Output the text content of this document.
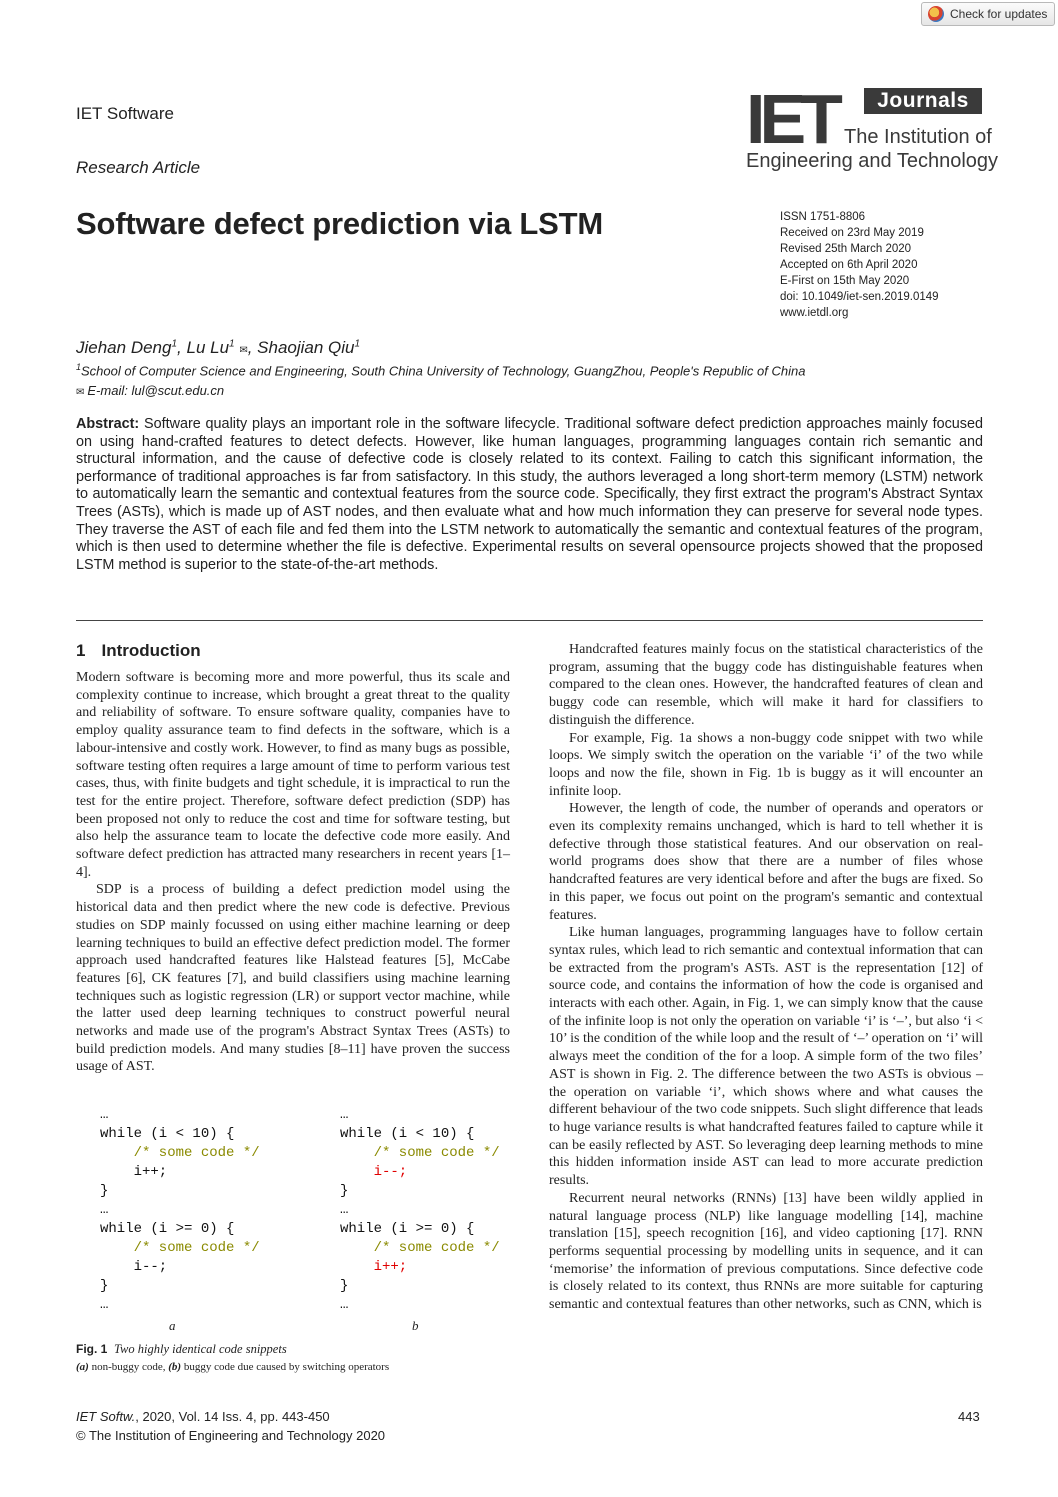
Check for updates
IET Software
Research Article
Software defect prediction via LSTM
IET	Journals
The Institution of
Engineering and Technology
ISSN 1751-8806
Received on 23rd May 2019
Revised 25th March 2020
Accepted on 6th April 2020
E-First on 15th May 2020
doi: 10.1049/iet-sen.2019.0149
www.ietdl.org
Jiehan Deng$^1$, Lu Lu$^1$ ✉, Shaojian Qiu$^1$
$^1$School of Computer Science and Engineering, South China University of Technology, GuangZhou, People's Republic of China
✉ E-mail: lul@scut.edu.cn
Abstract: Software quality plays an important role in the software lifecycle. Traditional software defect prediction approaches mainly focused on using hand-crafted features to detect defects. However, like human languages, programming languages contain rich semantic and structural information, and the cause of defective code is closely related to its context. Failing to catch this significant information, the performance of traditional approaches is far from satisfactory. In this study, the authors leveraged a long short-term memory (LSTM) network to automatically learn the semantic and contextual features from the source code. Specifically, they first extract the program's Abstract Syntax Trees (ASTs), which is made up of AST nodes, and then evaluate what and how much information they can preserve for several node types. They traverse the AST of each file and fed them into the LSTM network to automatically the semantic and contextual features of the program, which is then used to determine whether the file is defective. Experimental results on several opensource projects showed that the proposed LSTM method is superior to the state-of-the-art methods.
1 Introduction

Modern software is becoming more and more powerful, thus its scale and complexity continue to increase, which brought a great threat to the quality and reliability of software. To ensure software quality, companies have to employ quality assurance team to find defects in the software, which is a labour-intensive and costly work. However, to find as many bugs as possible, software testing often requires a large amount of time to perform various test cases, thus, with finite budgets and tight schedule, it is impractical to run the test for the entire project. Therefore, software defect prediction (SDP) has been proposed not only to reduce the cost and time for software testing, but also help the assurance team to locate the defective code more easily. And software defect prediction has attracted many researchers in recent years [1–4].

SDP is a process of building a defect prediction model using the historical data and then predict where the new code is defective. Previous studies on SDP mainly focussed on using either machine learning or deep learning techniques to build an effective defect prediction model. The former approach used handcrafted features like Halstead features [5], McCabe features [6], CK features [7], and build classifiers using machine learning techniques such as logistic regression (LR) or support vector machine, while the latter used deep learning techniques to construct powerful neural networks and made use of the program's Abstract Syntax Trees (ASTs) to build prediction models. And many studies [8–11] have proven the success usage of AST.

Handcrafted features mainly focus on the statistical characteristics of the program, assuming that the buggy code has distinguishable features when compared to the clean ones. However, the handcrafted features of clean and buggy code can resemble, which will make it hard for classifiers to distinguish the difference.

For example, Fig. 1a shows a non-buggy code snippet with two while loops. We simply switch the operation on the variable ‘i’ of the two while loops and now the file, shown in Fig. 1b is buggy as it will encounter an infinite loop.

However, the length of code, the number of operands and operators or even its complexity remains unchanged, which is hard to tell whether it is defective through those statistical features. And our observation on real-world programs does show that there are a number of files whose handcrafted features are very identical before and after the bugs are fixed. So in this paper, we focus out point on the program's semantic and contextual features.

Like human languages, programming languages have to follow certain syntax rules, which lead to rich semantic and contextual information that can be extracted from the program's ASTs. AST is the representation [12] of source code, and contains the information of how the code is organised and interacts with each other. Again, in Fig. 1, we can simply know that the cause of the infinite loop is not only the operation on variable ‘i’ is ‘–’, but also ‘i < 10’ is the condition of the while loop and the result of ‘–’ operation on ‘i’ will always meet the condition of the for a loop. A simple form of the two files’ AST is shown in Fig. 2. The difference between the two ASTs is obvious – the operation on variable ‘i’, which shows where and what causes the different behaviour of the two code snippets. Such slight difference that leads to huge variance results is what handcrafted features failed to capture while it can be easily reflected by AST. So leveraging deep learning methods to mine this hidden information inside AST can lead to more accurate prediction results.

Recurrent neural networks (RNNs) [13] have been wildly applied in natural language process (NLP) like language modelling [14], machine translation [15], speech recognition [16], and video captioning [17]. RNN performs sequential processing by modelling units in sequence, and it can ‘memorise’ the information of previous computations. Since defective code is closely related to its context, thus RNNs are more suitable for capturing semantic and contextual features than other networks, such as CNN, which is

…
while (i < 10) {
/* some code */
i++;
}
…
while (i >= 0) {
/* some code */
i--;
}
…
…
while (i < 10) {
/* some code */
i--;
}
…
while (i >= 0) {
/* some code */
i++;
}
…
a	b
Fig. 1 Two highly identical code snippets
(a) non-buggy code, (b) buggy code due caused by switching operators
IET Softw., 2020, Vol. 14 Iss. 4, pp. 443-450
© The Institution of Engineering and Technology 2020
443
